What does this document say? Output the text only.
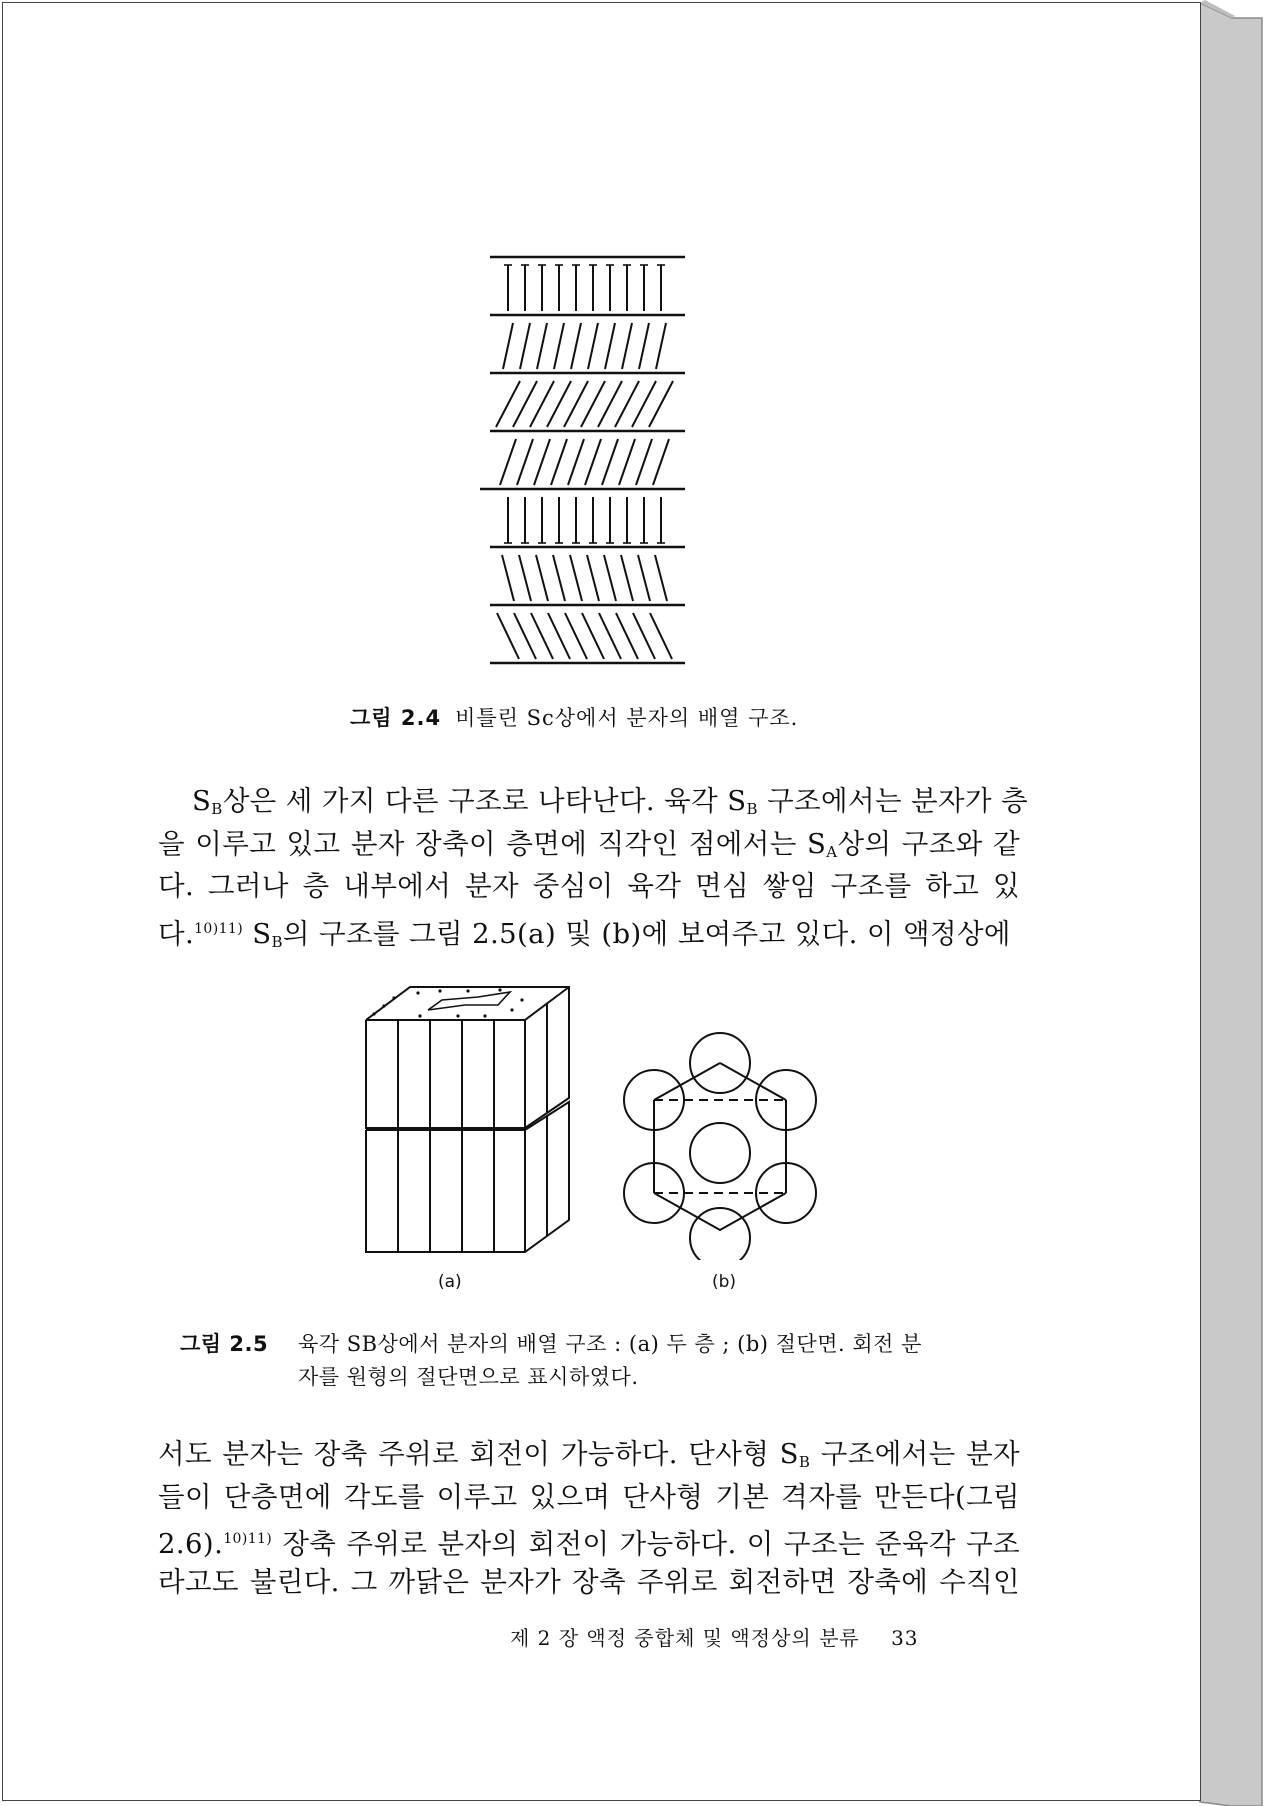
그림 2.4 비틀린 Sc상에서 분자의 배열 구조.
$S_B$상은 세 가지 다른 구조로 나타난다. 육각 $S_B$ 구조에서는 분자가 층
을 이루고 있고 분자 장축이 층면에 직각인 점에서는 $S_A$상의 구조와 같
다. 그러나 층 내부에서 분자 중심이 육각 면심 쌓임 구조를 하고 있
다.$^{10)11)}$ $S_B$의 구조를 그림 2.5(a) 및 (b)에 보여주고 있다. 이 액정상에
(a)	(b)
그림 2.5 육각 SB상에서 분자의 배열 구조 : (a) 두 층 ; (b) 절단면. 회전 분
자를 원형의 절단면으로 표시하였다.
서도 분자는 장축 주위로 회전이 가능하다. 단사형 $S_B$ 구조에서는 분자
들이 단층면에 각도를 이루고 있으며 단사형 기본 격자를 만든다(그림
2.6).$^{10)11)}$ 장축 주위로 분자의 회전이 가능하다. 이 구조는 준육각 구조
라고도 불린다. 그 까닭은 분자가 장축 주위로 회전하면 장축에 수직인
제 2 장 액정 중합체 및 액정상의 분류 33
